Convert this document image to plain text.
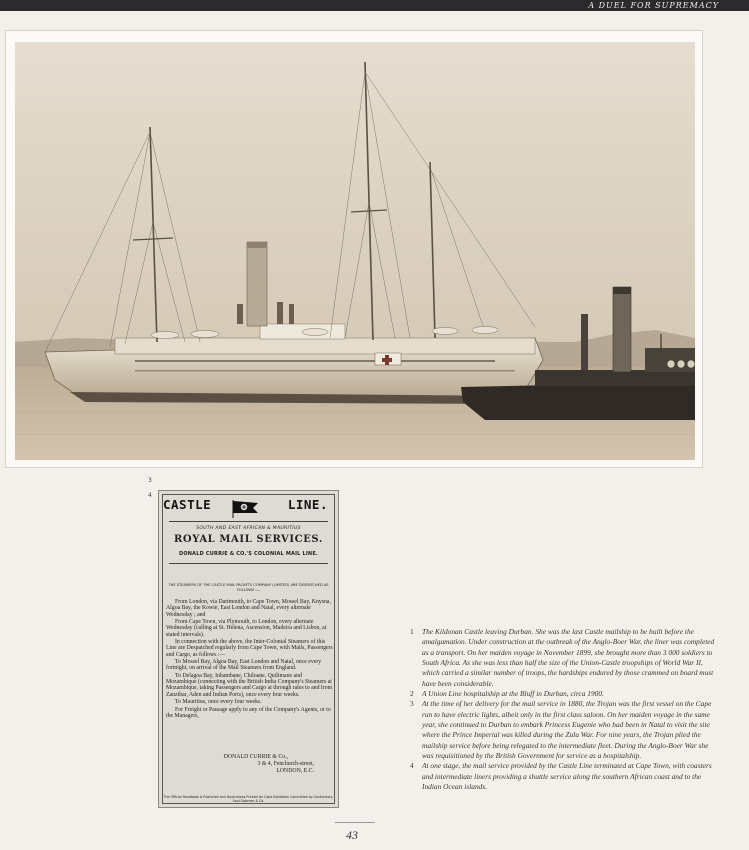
A DUEL FOR SUPREMACY
3
4
CASTLE	LINE.
SOUTH AND EAST AFRICAN & MAURITIUS
ROYAL MAIL SERVICES.
DONALD CURRIE & CO.'S COLONIAL MAIL LINE.
THE STEAMERS OF THE CASTLE MAIL PACKETS COMPANY (LIMITED) ARE DESPATCHED AS FOLLOWS :—

From London, via Dartmouth, to Cape Town, Mossel Bay, Knysna, Algoa Bay, the Kowie, East London and Natal, every alternate Wednesday ; and

From Cape Town, via Plymouth, to London, every alternate Wednesday (calling at St. Helena, Ascension, Madeira and Lisbon, at stated intervals).

In connection with the above, the Inter-Colonial Steamers of this Line are Despatched regularly from Cape Town, with Mails, Passengers and Cargo, as follows :—

To Mossel Bay, Algoa Bay, East London and Natal, once every fortnight, on arrival of the Mail Steamers from England.

To Delagoa Bay, Inhambane, Chiloane, Quilimane and Mozambique (connecting with the British India Company's Steamers at Mozambique, taking Passengers and Cargo at through rates to and from Zanzibar, Aden and Indian Ports), once every four weeks.

To Mauritius, once every four weeks.

For Freight or Passage apply to any of the Company's Agents, or to the Managers,

DONALD CURRIE & Co.,
3 & 4, Fenchurch-street,
LONDON, E.C.
The Official Handbook is Published and Illustrations Printed for Cape Exhibition Committee by Contractors, Saul Solomon & Co.

1 The Kildonan Castle leaving Durban. She was the last Castle mailship to be built before the amalgamation. Under construction at the outbreak of the Anglo-Boer War, the liner was completed as a transport. On her maiden voyage in November 1899, she brought more than 3 000 soldiers to South Africa. As she was less than half the size of the Union-Castle troopships of World War II, which carried a similar number of troops, the hardships endured by those crammed on board must have been considerable.

2 A Union Line hospitalship at the Bluff in Durban, circa 1900.

3 At the time of her delivery for the mail service in 1880, the Trojan was the first vessel on the Cape run to have electric lights, albeit only in the first class saloon. On her maiden voyage in the same year, she continued to Durban to embark Princess Eugenie who had been in Natal to visit the site where the Prince Imperial was killed during the Zulu War. For nine years, the Trojan plied the mailship service before being relegated to the intermediate fleet. During the Anglo-Boer War she was requisitioned by the British Government for service as a hospitalship.

4 At one stage, the mail service provided by the Castle Line terminated at Cape Town, with coasters and intermediate liners providing a shuttle service along the southern African coast and to the Indian Ocean islands.

43
